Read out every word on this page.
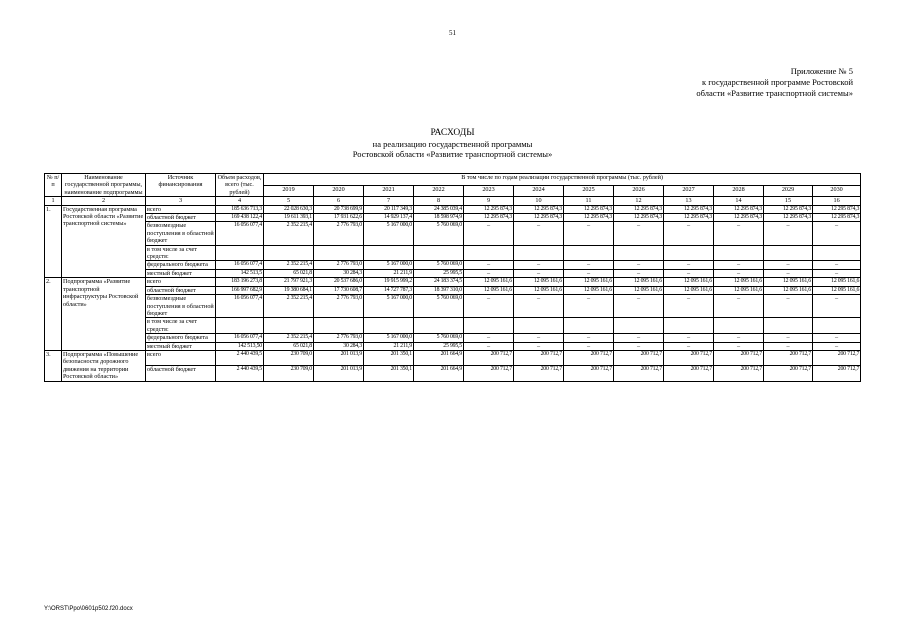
51
Приложение № 5
к государственной программе Ростовской
области «Развитие транспортной системы»
РАСХОДЫ
на реализацию государственной программы
Ростовской области «Развитие транспортной системы»
№ п/п	Наименование государственной программы, наименование подпрограммы	Источник финансирования	Объем расходов, всего (тыс. рублей)	В том числе по годам реализации государственной программы (тыс. рублей)											
				2019	2020	2021	2022	2023	2024	2025	2026	2027	2028	2029	2030
1	2	3	4	5	6	7	8	9	10	11	12	13	14	15	16
1.	Государственная программа Ростовской области «Развитие транспортной системы»	всего	185 636 713,3	22 028 630,3	20 738 699,9	20 117 349,3	24 385 039,4	12 295 874,3	12 295 874,3	12 295 874,3	12 295 874,3	12 295 874,3	12 295 874,3	12 295 874,3	12 295 874,3
		областной бюджет	169 438 122,4	19 611 393,1	17 931 622,6	14 929 137,4	18 598 974,9	12 295 874,3	12 295 874,3	12 295 874,3	12 295 874,3	12 295 874,3	12 295 874,3	12 295 874,3	12 295 874,3
		безвозмездные поступления в областной бюджет	16 056 077,4	2 352 215,4	2 776 793,0	5 167 000,0	5 760 069,0	–	–	–	–	–	–	–	–
		в том числе за счет средств:													
		федерального бюджета	16 056 077,4	2 352 215,4	2 776 793,0	5 167 000,0	5 760 069,0	–	–	–	–	–	–	–	–
		местный бюджет	142 513,5	65 021,8	30 284,3	21 211,9	25 995,5	–	–	–	–	–	–	–	–
2.	Подпрограмма «Развитие транспортной инфраструктуры Ростовской области»	всего	183 196 273,8	21 797 921,3	20 537 686,0	19 915 999,2	24 183 374,5	12 095 161,6	12 095 161,6	12 095 161,6	12 095 161,6	12 095 161,6	12 095 161,6	12 095 161,6	12 095 161,6
		областной бюджет	166 997 682,9	19 380 684,1	17 730 608,7	14 727 787,3	18 397 310,0	12 095 161,6	12 095 161,6	12 095 161,6	12 095 161,6	12 095 161,6	12 095 161,6	12 095 161,6	12 095 161,6
		безвозмездные поступления в областной бюджет	16 056 077,4	2 352 215,4	2 776 793,0	5 167 000,0	5 760 069,0	–	–	–	–	–	–	–	–
		в том числе за счет средств:													
		федерального бюджета	16 056 077,4	2 352 215,4	2 776 793,0	5 167 000,0	5 760 069,0	–	–	–	–	–	–	–	–
		местный бюджет	142 513,50	65 021,8	30 284,3	21 211,9	25 995,5	–	–	–	–	–	–	–	–
3.	Подпрограмма «Повышение безопасности дорожного движения на территории Ростовской области»	всего	2 440 439,5	230 709,0	201 013,9	201 350,1	201 664,9	200 712,7	200 712,7	200 712,7	200 712,7	200 712,7	200 712,7	200 712,7	200 712,7
		областной бюджет	2 440 439,5	230 709,0	201 013,9	201 350,1	201 664,9	200 712,7	200 712,7	200 712,7	200 712,7	200 712,7	200 712,7	200 712,7	200 712,7
Y:\ORST\Ppo\0601p502.f20.docx
